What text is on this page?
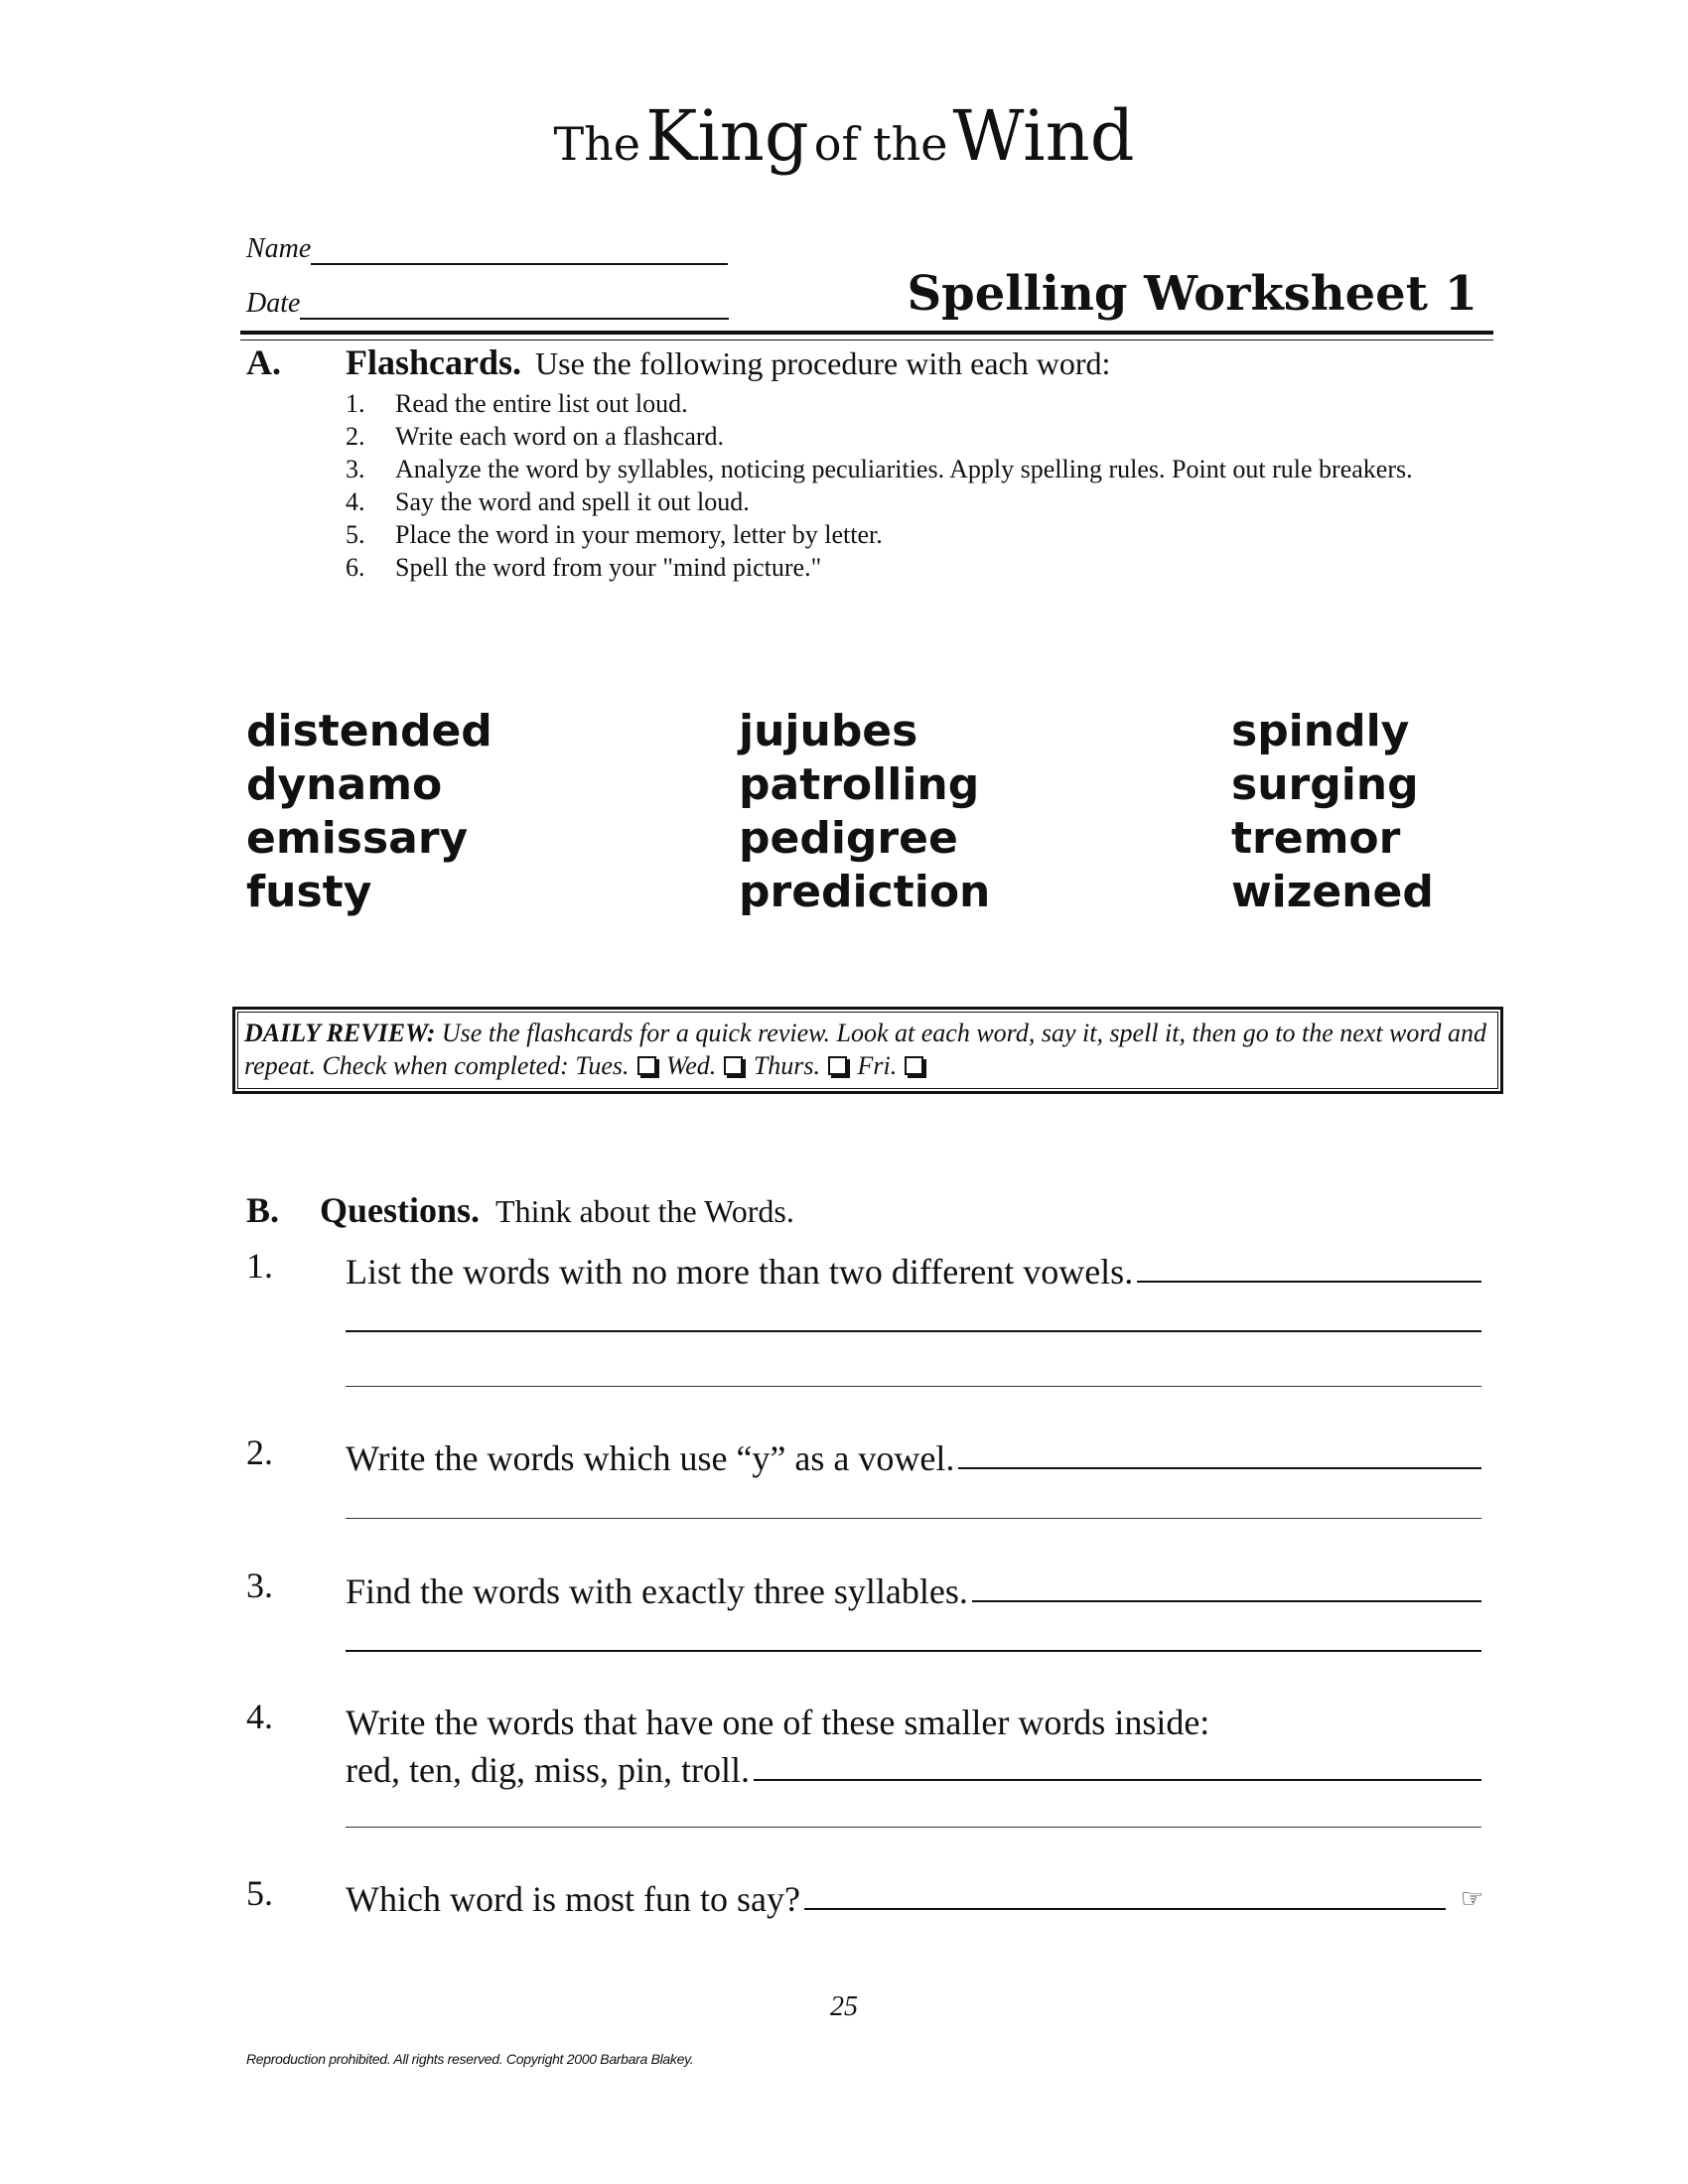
The King of the Wind
Name
Date	Spelling Worksheet 1
A. Flashcards. Use the following procedure with each word:
1.	Read the entire list out loud.
2.	Write each word on a flashcard.
3.	Analyze the word by syllables, noticing peculiarities. Apply spelling rules. Point out rule breakers.
4.	Say the word and spell it out loud.
5.	Place the word in your memory, letter by letter.
6.	Spell the word from your "mind picture."
distended	jujubes	spindly
dynamo	patrolling	surging
emissary	pedigree	tremor
fusty	prediction	wizened
DAILY REVIEW: Use the flashcards for a quick review. Look at each word, say it, spell it, then go to the next word and repeat. Check when completed: Tues. Wed. Thurs. Fri.
B. Questions. Think about the Words.
1. List the words with no more than two different vowels.
2. Write the words which use “y” as a vowel.
3. Find the words with exactly three syllables.
4. Write the words that have one of these smaller words inside:
red, ten, dig, miss, pin, troll.
5. Which word is most fun to say?	☞
25
Reproduction prohibited. All rights reserved. Copyright 2000 Barbara Blakey.
